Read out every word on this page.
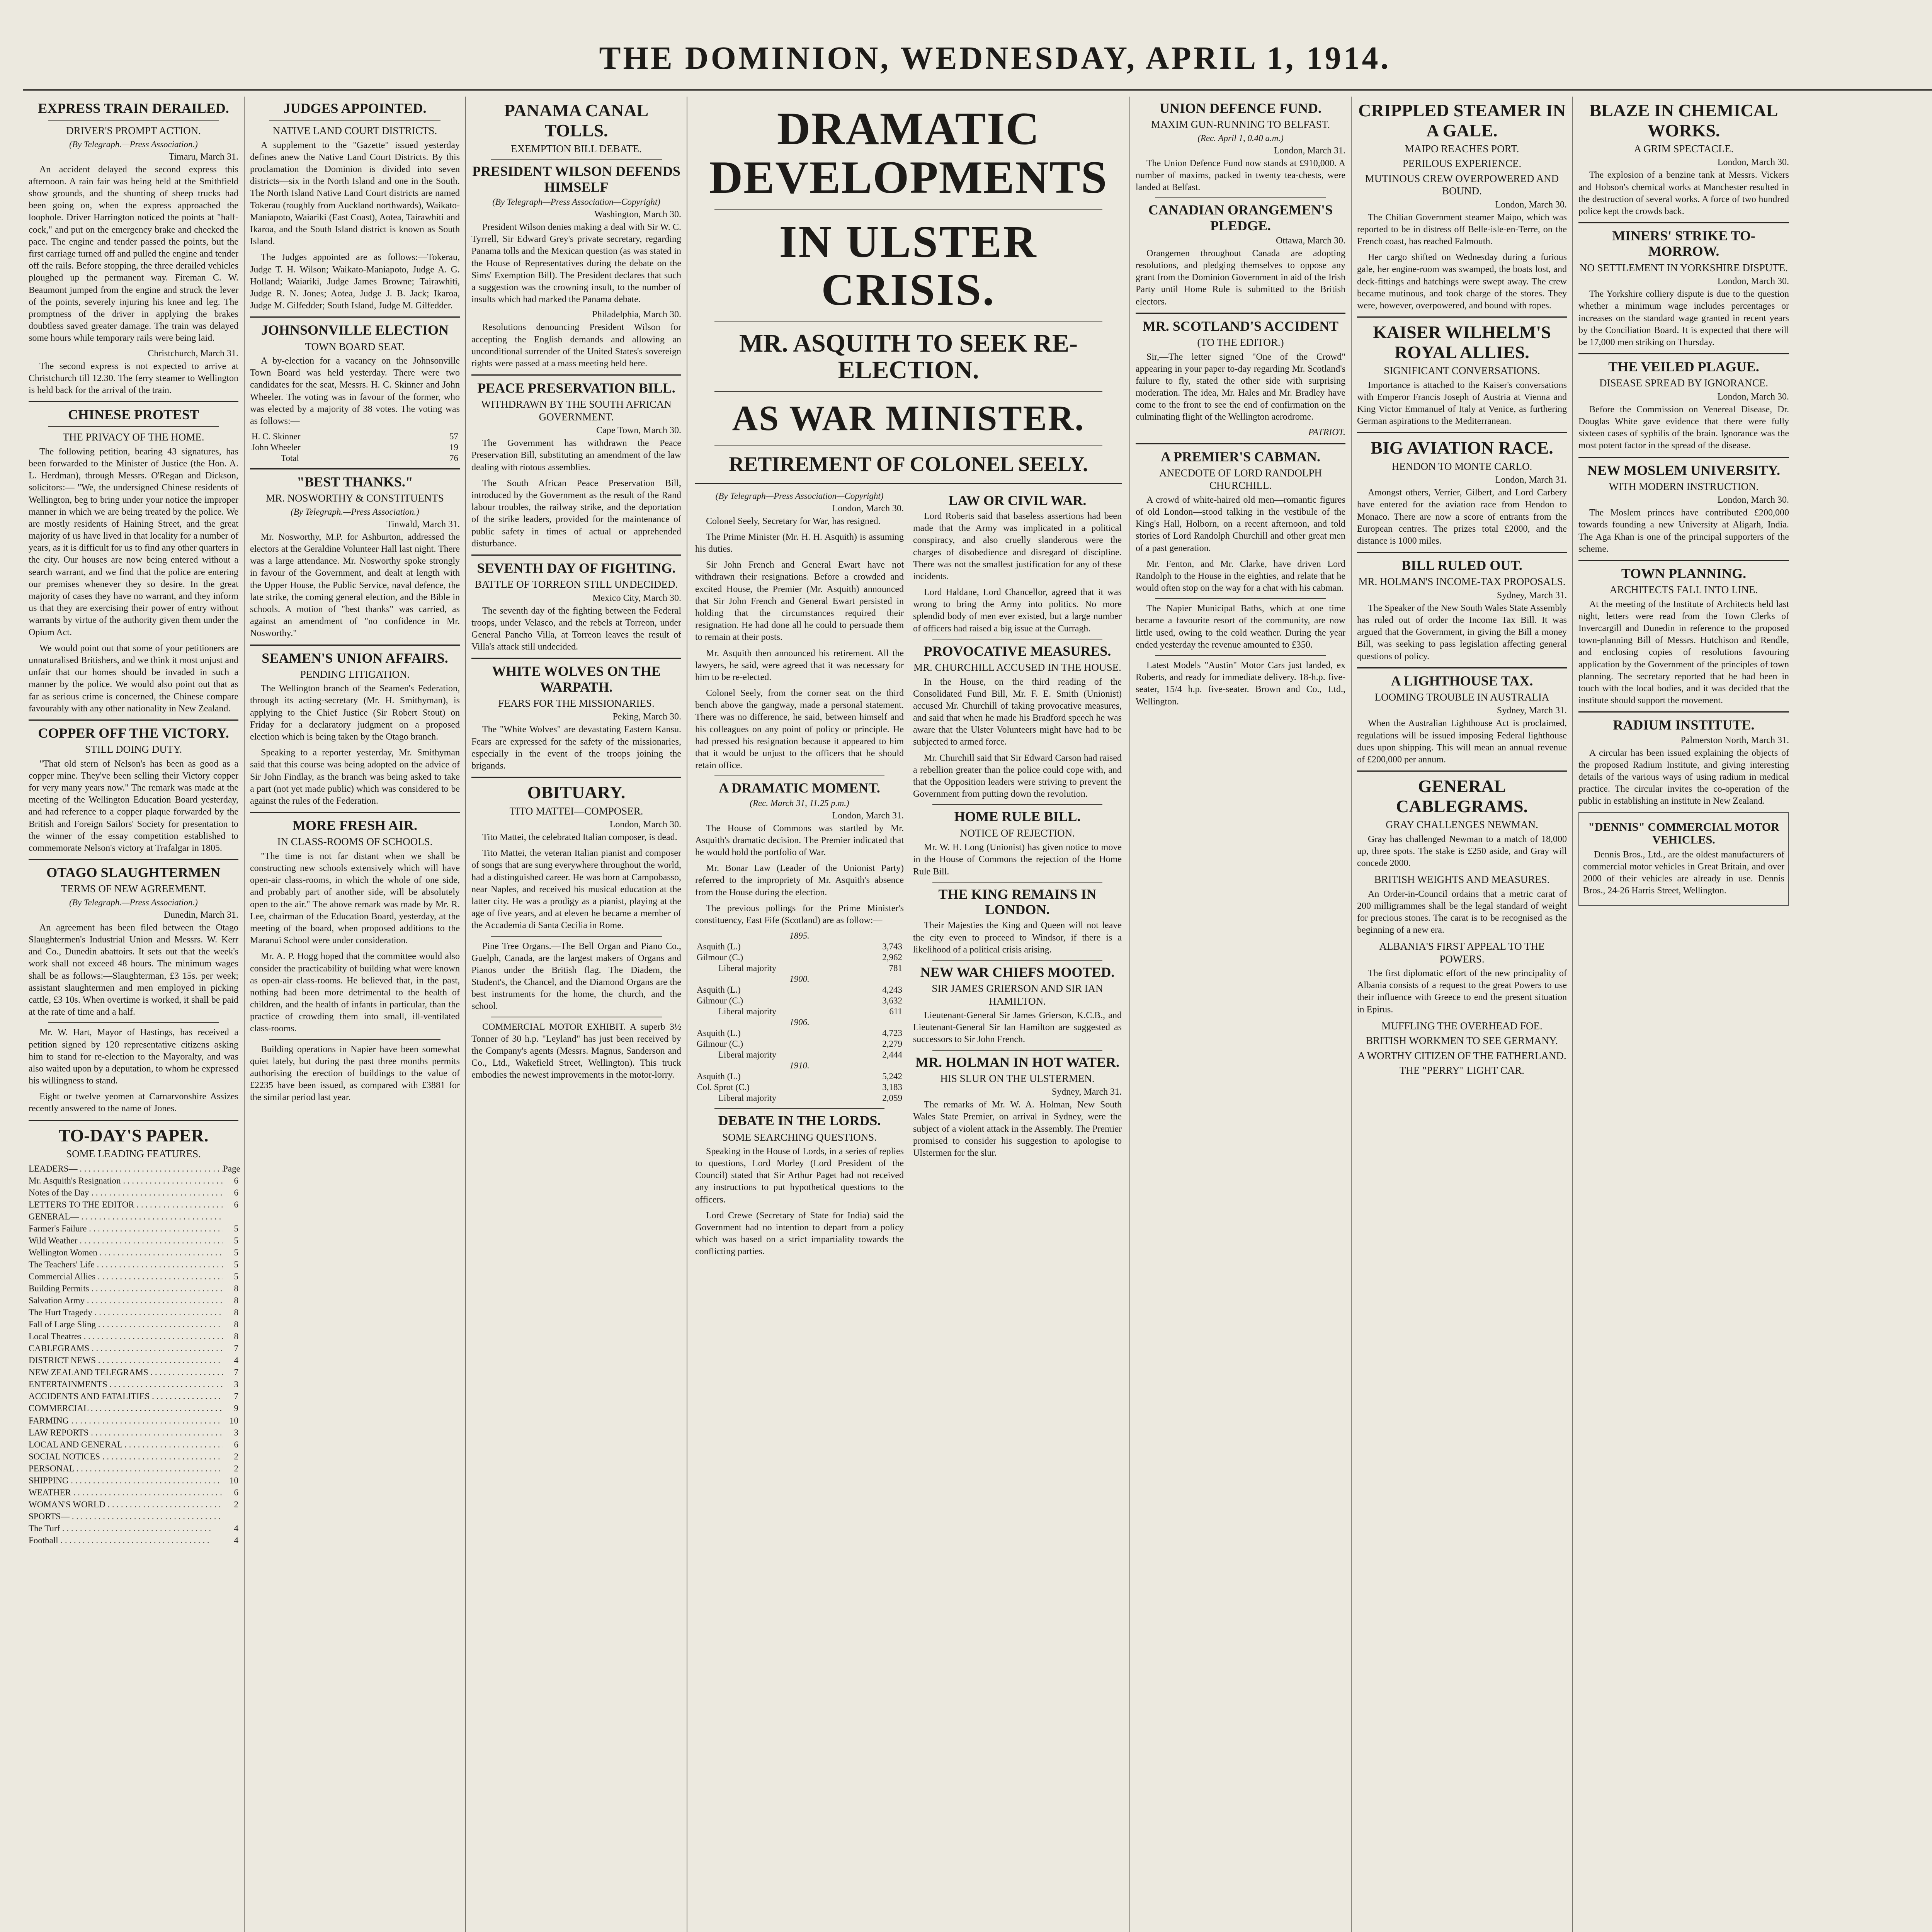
THE DOMINION, WEDNESDAY, APRIL 1, 1914.
EXPRESS TRAIN DERAILED.
DRIVER'S PROMPT ACTION.
(By Telegraph.—Press Association.)
Timaru, March 31.

An accident delayed the second express this afternoon. A rain fair was being held at the Smithfield show grounds, and the shunting of sheep trucks had been going on, when the express approached the loophole. Driver Harrington noticed the points at "half-cock," and put on the emergency brake and checked the pace. The engine and tender passed the points, but the first carriage turned off and pulled the engine and tender off the rails. Before stopping, the three derailed vehicles ploughed up the permanent way. Fireman C. W. Beaumont jumped from the engine and struck the lever of the points, severely injuring his knee and leg. The promptness of the driver in applying the brakes doubtless saved greater damage. The train was delayed some hours while temporary rails were being laid.

Christchurch, March 31.

The second express is not expected to arrive at Christchurch till 12.30. The ferry steamer to Wellington is held back for the arrival of the train.

CHINESE PROTEST
THE PRIVACY OF THE HOME.

The following petition, bearing 43 signatures, has been forwarded to the Minister of Justice (the Hon. A. L. Herdman), through Messrs. O'Regan and Dickson, solicitors:— "We, the undersigned Chinese residents of Wellington, beg to bring under your notice the improper manner in which we are being treated by the police. We are mostly residents of Haining Street, and the great majority of us have lived in that locality for a number of years, as it is difficult for us to find any other quarters in the city. Our houses are now being entered without a search warrant, and we find that the police are entering our premises whenever they so desire. In the great majority of cases they have no warrant, and they inform us that they are exercising their power of entry without warrants by virtue of the authority given them under the Opium Act.

We would point out that some of your petitioners are unnaturalised Britishers, and we think it most unjust and unfair that our homes should be invaded in such a manner by the police. We would also point out that as far as serious crime is concerned, the Chinese compare favourably with any other nationality in New Zealand.

COPPER OFF THE VICTORY.
STILL DOING DUTY.

"That old stern of Nelson's has been as good as a copper mine. They've been selling their Victory copper for very many years now." The remark was made at the meeting of the Wellington Education Board yesterday, and had reference to a copper plaque forwarded by the British and Foreign Sailors' Society for presentation to the winner of the essay competition established to commemorate Nelson's victory at Trafalgar in 1805.

OTAGO SLAUGHTERMEN
TERMS OF NEW AGREEMENT.
(By Telegraph.—Press Association.)
Dunedin, March 31.

An agreement has been filed between the Otago Slaughtermen's Industrial Union and Messrs. W. Kerr and Co., Dunedin abattoirs. It sets out that the week's work shall not exceed 48 hours. The minimum wages shall be as follows:—Slaughterman, £3 15s. per week; assistant slaughtermen and men employed in picking cattle, £3 10s. When overtime is worked, it shall be paid at the rate of time and a half.

Mr. W. Hart, Mayor of Hastings, has received a petition signed by 120 representative citizens asking him to stand for re-election to the Mayoralty, and was also waited upon by a deputation, to whom he expressed his willingness to stand.

Eight or twelve yeomen at Carnarvonshire Assizes recently answered to the name of Jones.

TO-DAY'S PAPER.
SOME LEADING FEATURES.
LEADERS— . . .	Page
Mr. Asquith's Resignation . . .	6
Notes of the Day . . .	6
LETTERS TO THE EDITOR . . .	6
GENERAL— . . .
Farmer's Failure . . .	5
Wild Weather . . .	5
Wellington Women . . .	5
The Teachers' Life . . .	5
Commercial Allies . . .	5
Building Permits . . .	8
Salvation Army . . .	8
The Hurt Tragedy . . .	8
Fall of Large Sling . . .	8
Local Theatres . . .	8
CABLEGRAMS . . .	7
DISTRICT NEWS . . .	4
NEW ZEALAND TELEGRAMS . . .	7
ENTERTAINMENTS . . .	3
ACCIDENTS AND FATALITIES . . .	7
COMMERCIAL . . .	9
FARMING . . .	10
LAW REPORTS . . .	3
LOCAL AND GENERAL . . .	6
SOCIAL NOTICES . . .	2
PERSONAL . . .	2
SHIPPING . . .	10
WEATHER . . .	6
WOMAN'S WORLD . . .	2
SPORTS— . . .
The Turf . . .	4
Football . . .	4
JUDGES APPOINTED.
NATIVE LAND COURT DISTRICTS.

A supplement to the "Gazette" issued yesterday defines anew the Native Land Court Districts. By this proclamation the Dominion is divided into seven districts—six in the North Island and one in the South. The North Island Native Land Court districts are named Tokerau (roughly from Auckland northwards), Waikato-Maniapoto, Waiariki (East Coast), Aotea, Tairawhiti and Ikaroa, and the South Island district is known as South Island.

The Judges appointed are as follows:—Tokerau, Judge T. H. Wilson; Waikato-Maniapoto, Judge A. G. Holland; Waiariki, Judge James Browne; Tairawhiti, Judge R. N. Jones; Aotea, Judge J. B. Jack; Ikaroa, Judge M. Gilfedder; South Island, Judge M. Gilfedder.

JOHNSONVILLE ELECTION
TOWN BOARD SEAT.

A by-election for a vacancy on the Johnsonville Town Board was held yesterday. There were two candidates for the seat, Messrs. H. C. Skinner and John Wheeler. The voting was in favour of the former, who was elected by a majority of 38 votes. The voting was as follows:—

H. C. Skinner	57
John Wheeler	19
Total	76
"BEST THANKS."
MR. NOSWORTHY & CONSTITUENTS
(By Telegraph.—Press Association.)
Tinwald, March 31.

Mr. Nosworthy, M.P. for Ashburton, addressed the electors at the Geraldine Volunteer Hall last night. There was a large attendance. Mr. Nosworthy spoke strongly in favour of the Government, and dealt at length with the Upper House, the Public Service, naval defence, the late strike, the coming general election, and the Bible in schools. A motion of "best thanks" was carried, as against an amendment of "no confidence in Mr. Nosworthy."

SEAMEN'S UNION AFFAIRS.
PENDING LITIGATION.

The Wellington branch of the Seamen's Federation, through its acting-secretary (Mr. H. Smithyman), is applying to the Chief Justice (Sir Robert Stout) on Friday for a declaratory judgment on a proposed election which is being taken by the Otago branch.

Speaking to a reporter yesterday, Mr. Smithyman said that this course was being adopted on the advice of Sir John Findlay, as the branch was being asked to take a part (not yet made public) which was considered to be against the rules of the Federation.

MORE FRESH AIR.
IN CLASS-ROOMS OF SCHOOLS.

"The time is not far distant when we shall be constructing new schools extensively which will have open-air class-rooms, in which the whole of one side, and probably part of another side, will be absolutely open to the air." The above remark was made by Mr. R. Lee, chairman of the Education Board, yesterday, at the meeting of the board, when proposed additions to the Maranui School were under consideration.

Mr. A. P. Hogg hoped that the committee would also consider the practicability of building what were known as open-air class-rooms. He believed that, in the past, nothing had been more detrimental to the health of children, and the health of infants in particular, than the practice of crowding them into small, ill-ventilated class-rooms.

Building operations in Napier have been somewhat quiet lately, but during the past three months permits authorising the erection of buildings to the value of £2235 have been issued, as compared with £3881 for the similar period last year.

PANAMA CANAL TOLLS.
EXEMPTION BILL DEBATE.
PRESIDENT WILSON DEFENDS HIMSELF
(By Telegraph—Press Association—Copyright)
Washington, March 30.

President Wilson denies making a deal with Sir W. C. Tyrrell, Sir Edward Grey's private secretary, regarding Panama tolls and the Mexican question (as was stated in the House of Representatives during the debate on the Sims' Exemption Bill). The President declares that such a suggestion was the crowning insult, to the number of insults which had marked the Panama debate.

Philadelphia, March 30.

Resolutions denouncing President Wilson for accepting the English demands and allowing an unconditional surrender of the United States's sovereign rights were passed at a mass meeting held here.

PEACE PRESERVATION BILL.
WITHDRAWN BY THE SOUTH AFRICAN GOVERNMENT.
Cape Town, March 30.

The Government has withdrawn the Peace Preservation Bill, substituting an amendment of the law dealing with riotous assemblies.

The South African Peace Preservation Bill, introduced by the Government as the result of the Rand labour troubles, the railway strike, and the deportation of the strike leaders, provided for the maintenance of public safety in times of actual or apprehended disturbance.

SEVENTH DAY OF FIGHTING.
BATTLE OF TORREON STILL UNDECIDED.
Mexico City, March 30.

The seventh day of the fighting between the Federal troops, under Velasco, and the rebels at Torreon, under General Pancho Villa, at Torreon leaves the result of Villa's attack still undecided.

WHITE WOLVES ON THE WARPATH.
FEARS FOR THE MISSIONARIES.
Peking, March 30.

The "White Wolves" are devastating Eastern Kansu. Fears are expressed for the safety of the missionaries, especially in the event of the troops joining the brigands.

OBITUARY.
TITO MATTEI—COMPOSER.
London, March 30.

Tito Mattei, the celebrated Italian composer, is dead.

Tito Mattei, the veteran Italian pianist and composer of songs that are sung everywhere throughout the world, had a distinguished career. He was born at Campobasso, near Naples, and received his musical education at the latter city. He was a prodigy as a pianist, playing at the age of five years, and at eleven he became a member of the Accademia di Santa Cecilia in Rome.

Pine Tree Organs.—The Bell Organ and Piano Co., Guelph, Canada, are the largest makers of Organs and Pianos under the British flag. The Diadem, the Student's, the Chancel, and the Diamond Organs are the best instruments for the home, the church, and the school.

COMMERCIAL MOTOR EXHIBIT. A superb 3½ Tonner of 30 h.p. "Leyland" has just been received by the Company's agents (Messrs. Magnus, Sanderson and Co., Ltd., Wakefield Street, Wellington). This truck embodies the newest improvements in the motor-lorry.

DRAMATIC DEVELOPMENTS
IN ULSTER CRISIS.
MR. ASQUITH TO SEEK RE-ELECTION.
AS WAR MINISTER.
RETIREMENT OF COLONEL SEELY.
(By Telegraph—Press Association—Copyright)
London, March 30.

Colonel Seely, Secretary for War, has resigned.

The Prime Minister (Mr. H. H. Asquith) is assuming his duties.

Sir John French and General Ewart have not withdrawn their resignations. Before a crowded and excited House, the Premier (Mr. Asquith) announced that Sir John French and General Ewart persisted in holding that the circumstances required their resignation. He had done all he could to persuade them to remain at their posts.

Mr. Asquith then announced his retirement. All the lawyers, he said, were agreed that it was necessary for him to be re-elected.

Colonel Seely, from the corner seat on the third bench above the gangway, made a personal statement. There was no difference, he said, between himself and his colleagues on any point of policy or principle. He had pressed his resignation because it appeared to him that it would be unjust to the officers that he should retain office.

A DRAMATIC MOMENT.
(Rec. March 31, 11.25 p.m.)
London, March 31.

The House of Commons was startled by Mr. Asquith's dramatic decision. The Premier indicated that he would hold the portfolio of War.

Mr. Bonar Law (Leader of the Unionist Party) referred to the impropriety of Mr. Asquith's absence from the House during the election.

The previous pollings for the Prime Minister's constituency, East Fife (Scotland) are as follow:—

1895.	
Asquith (L.)	3,743
Gilmour (C.)	2,962
Liberal majority	781
1900.	
Asquith (L.)	4,243
Gilmour (C.)	3,632
Liberal majority	611
1906.	
Asquith (L.)	4,723
Gilmour (C.)	2,279
Liberal majority	2,444
1910.	
Asquith (L.)	5,242
Col. Sprot (C.)	3,183
Liberal majority	2,059
DEBATE IN THE LORDS.
SOME SEARCHING QUESTIONS.

Speaking in the House of Lords, in a series of replies to questions, Lord Morley (Lord President of the Council) stated that Sir Arthur Paget had not received any instructions to put hypothetical questions to the officers.

Lord Crewe (Secretary of State for India) said the Government had no intention to depart from a policy which was based on a strict impartiality towards the conflicting parties.

LAW OR CIVIL WAR.

Lord Roberts said that baseless assertions had been made that the Army was implicated in a political conspiracy, and also cruelly slanderous were the charges of disobedience and disregard of discipline. There was not the smallest justification for any of these incidents.

Lord Haldane, Lord Chancellor, agreed that it was wrong to bring the Army into politics. No more splendid body of men ever existed, but a large number of officers had raised a big issue at the Curragh.

PROVOCATIVE MEASURES.
MR. CHURCHILL ACCUSED IN THE HOUSE.

In the House, on the third reading of the Consolidated Fund Bill, Mr. F. E. Smith (Unionist) accused Mr. Churchill of taking provocative measures, and said that when he made his Bradford speech he was aware that the Ulster Volunteers might have had to be subjected to armed force.

Mr. Churchill said that Sir Edward Carson had raised a rebellion greater than the police could cope with, and that the Opposition leaders were striving to prevent the Government from putting down the revolution.

HOME RULE BILL.
NOTICE OF REJECTION.

Mr. W. H. Long (Unionist) has given notice to move in the House of Commons the rejection of the Home Rule Bill.

THE KING REMAINS IN LONDON.

Their Majesties the King and Queen will not leave the city even to proceed to Windsor, if there is a likelihood of a political crisis arising.

NEW WAR CHIEFS MOOTED.
SIR JAMES GRIERSON AND SIR IAN HAMILTON.

Lieutenant-General Sir James Grierson, K.C.B., and Lieutenant-General Sir Ian Hamilton are suggested as successors to Sir John French.

MR. HOLMAN IN HOT WATER.
HIS SLUR ON THE ULSTERMEN.
Sydney, March 31.

The remarks of Mr. W. A. Holman, New South Wales State Premier, on arrival in Sydney, were the subject of a violent attack in the Assembly. The Premier promised to consider his suggestion to apologise to Ulstermen for the slur.

UNION DEFENCE FUND.
MAXIM GUN-RUNNING TO BELFAST.
(Rec. April 1, 0.40 a.m.)
London, March 31.

The Union Defence Fund now stands at £910,000. A number of maxims, packed in twenty tea-chests, were landed at Belfast.

CANADIAN ORANGEMEN'S PLEDGE.
Ottawa, March 30.

Orangemen throughout Canada are adopting resolutions, and pledging themselves to oppose any grant from the Dominion Government in aid of the Irish Party until Home Rule is submitted to the British electors.

MR. SCOTLAND'S ACCIDENT
(TO THE EDITOR.)

Sir,—The letter signed "One of the Crowd" appearing in your paper to-day regarding Mr. Scotland's failure to fly, stated the other side with surprising moderation. The idea, Mr. Hales and Mr. Bradley have come to the front to see the end of confirmation on the culminating flight of the Wellington aerodrome.

PATRIOT.
A PREMIER'S CABMAN.
ANECDOTE OF LORD RANDOLPH CHURCHILL.

A crowd of white-haired old men—romantic figures of old London—stood talking in the vestibule of the King's Hall, Holborn, on a recent afternoon, and told stories of Lord Randolph Churchill and other great men of a past generation.

Mr. Fenton, and Mr. Clarke, have driven Lord Randolph to the House in the eighties, and relate that he would often stop on the way for a chat with his cabman.

The Napier Municipal Baths, which at one time became a favourite resort of the community, are now little used, owing to the cold weather. During the year ended yesterday the revenue amounted to £350.

Latest Models "Austin" Motor Cars just landed, ex Roberts, and ready for immediate delivery. 18-h.p. five-seater, 15/4 h.p. five-seater. Brown and Co., Ltd., Wellington.

CRIPPLED STEAMER IN A GALE.
MAIPO REACHES PORT.
PERILOUS EXPERIENCE.
MUTINOUS CREW OVERPOWERED AND BOUND.
London, March 30.

The Chilian Government steamer Maipo, which was reported to be in distress off Belle-isle-en-Terre, on the French coast, has reached Falmouth.

Her cargo shifted on Wednesday during a furious gale, her engine-room was swamped, the boats lost, and deck-fittings and hatchings were swept away. The crew became mutinous, and took charge of the stores. They were, however, overpowered, and bound with ropes.

KAISER WILHELM'S ROYAL ALLIES.
SIGNIFICANT CONVERSATIONS.

Importance is attached to the Kaiser's conversations with Emperor Francis Joseph of Austria at Vienna and King Victor Emmanuel of Italy at Venice, as furthering German aspirations to the Mediterranean.

BIG AVIATION RACE.
HENDON TO MONTE CARLO.
London, March 31.

Amongst others, Verrier, Gilbert, and Lord Carbery have entered for the aviation race from Hendon to Monaco. There are now a score of entrants from the European centres. The prizes total £2000, and the distance is 1000 miles.

BILL RULED OUT.
MR. HOLMAN'S INCOME-TAX PROPOSALS.
Sydney, March 31.

The Speaker of the New South Wales State Assembly has ruled out of order the Income Tax Bill. It was argued that the Government, in giving the Bill a money Bill, was seeking to pass legislation affecting general questions of policy.

A LIGHTHOUSE TAX.
LOOMING TROUBLE IN AUSTRALIA
Sydney, March 31.

When the Australian Lighthouse Act is proclaimed, regulations will be issued imposing Federal lighthouse dues upon shipping. This will mean an annual revenue of £200,000 per annum.

GENERAL CABLEGRAMS.
GRAY CHALLENGES NEWMAN.

Gray has challenged Newman to a match of 18,000 up, three spots. The stake is £250 aside, and Gray will concede 2000.

BRITISH WEIGHTS AND MEASURES.

An Order-in-Council ordains that a metric carat of 200 milligrammes shall be the legal standard of weight for precious stones. The carat is to be recognised as the beginning of a new era.

ALBANIA'S FIRST APPEAL TO THE POWERS.

The first diplomatic effort of the new principality of Albania consists of a request to the great Powers to use their influence with Greece to end the present situation in Epirus.

MUFFLING THE OVERHEAD FOE.
BRITISH WORKMEN TO SEE GERMANY.
A WORTHY CITIZEN OF THE FATHERLAND.
THE "PERRY" LIGHT CAR.
BLAZE IN CHEMICAL WORKS.
A GRIM SPECTACLE.
London, March 30.

The explosion of a benzine tank at Messrs. Vickers and Hobson's chemical works at Manchester resulted in the destruction of several works. A force of two hundred police kept the crowds back.

MINERS' STRIKE TO-MORROW.
NO SETTLEMENT IN YORKSHIRE DISPUTE.
London, March 30.

The Yorkshire colliery dispute is due to the question whether a minimum wage includes percentages or increases on the standard wage granted in recent years by the Conciliation Board. It is expected that there will be 17,000 men striking on Thursday.

THE VEILED PLAGUE.
DISEASE SPREAD BY IGNORANCE.
London, March 30.

Before the Commission on Venereal Disease, Dr. Douglas White gave evidence that there were fully sixteen cases of syphilis of the brain. Ignorance was the most potent factor in the spread of the disease.

NEW MOSLEM UNIVERSITY.
WITH MODERN INSTRUCTION.
London, March 30.

The Moslem princes have contributed £200,000 towards founding a new University at Aligarh, India. The Aga Khan is one of the principal supporters of the scheme.

TOWN PLANNING.
ARCHITECTS FALL INTO LINE.

At the meeting of the Institute of Architects held last night, letters were read from the Town Clerks of Invercargill and Dunedin in reference to the proposed town-planning Bill of Messrs. Hutchison and Rendle, and enclosing copies of resolutions favouring application by the Government of the principles of town planning. The secretary reported that he had been in touch with the local bodies, and it was decided that the institute should support the movement.

RADIUM INSTITUTE.
Palmerston North, March 31.

A circular has been issued explaining the objects of the proposed Radium Institute, and giving interesting details of the various ways of using radium in medical practice. The circular invites the co-operation of the public in establishing an institute in New Zealand.

"DENNIS" COMMERCIAL MOTOR VEHICLES.

Dennis Bros., Ltd., are the oldest manufacturers of commercial motor vehicles in Great Britain, and over 2000 of their vehicles are already in use. Dennis Bros., 24-26 Harris Street, Wellington.
